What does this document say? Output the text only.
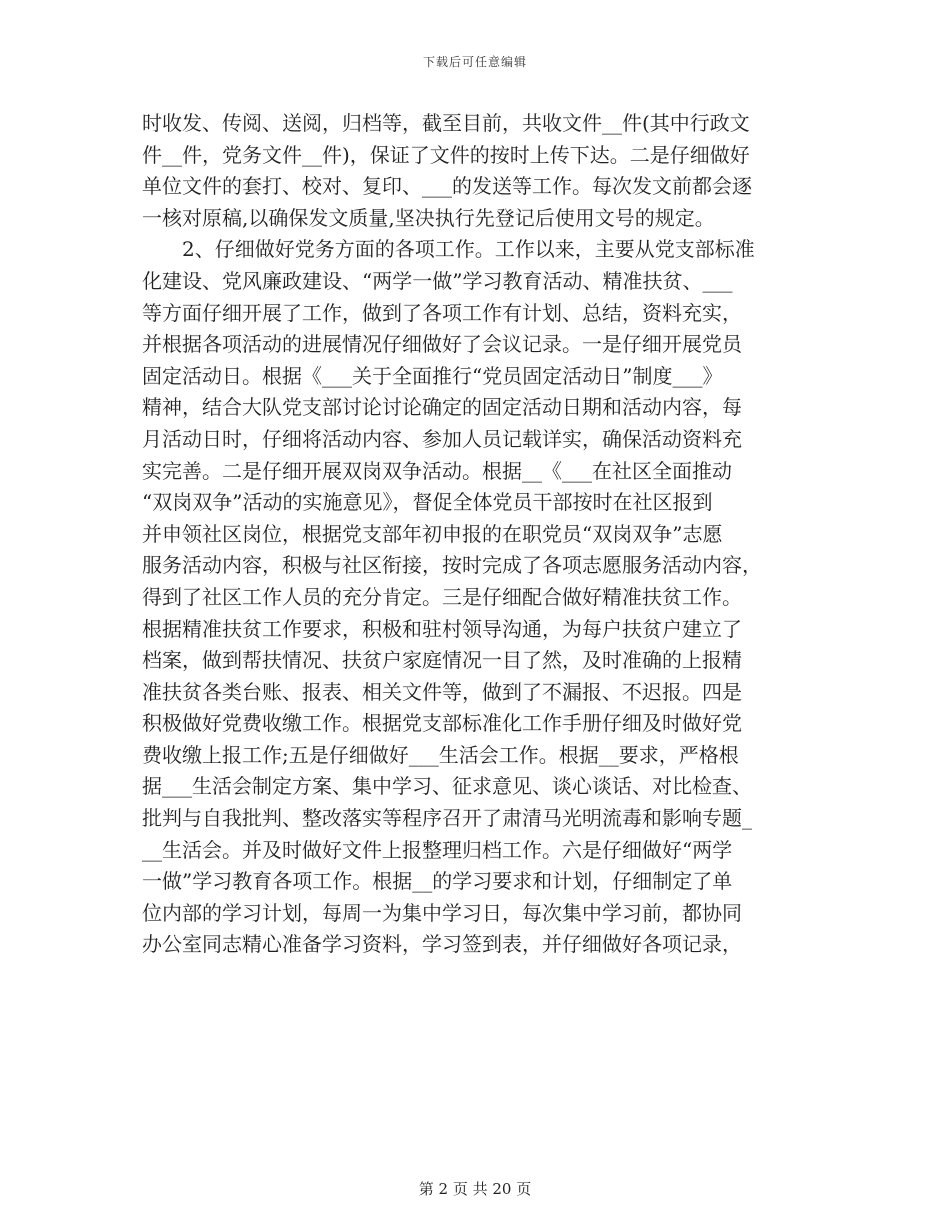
下载后可任意编辑
时收发、传阅、送阅，归档等，截至目前，共收文件__件(其中行政文
件__件，党务文件__件)，保证了文件的按时上传下达。二是仔细做好
单位文件的套打、校对、复印、___的发送等工作。每次发文前都会逐
一核对原稿,以确保发文质量,坚决执行先登记后使用文号的规定。
　　2、仔细做好党务方面的各项工作。工作以来，主要从党支部标准
化建设、党风廉政建设、“两学一做”学习教育活动、精准扶贫、___
等方面仔细开展了工作，做到了各项工作有计划、总结，资料充实，
并根据各项活动的进展情况仔细做好了会议记录。一是仔细开展党员
固定活动日。根据《___关于全面推行“党员固定活动日”制度___》
精神，结合大队党支部讨论讨论确定的固定活动日期和活动内容，每
月活动日时，仔细将活动内容、参加人员记载详实，确保活动资料充
实完善。二是仔细开展双岗双争活动。根据__《___在社区全面推动
“双岗双争”活动的实施意见》，督促全体党员干部按时在社区报到
并申领社区岗位，根据党支部年初申报的在职党员“双岗双争”志愿
服务活动内容，积极与社区衔接，按时完成了各项志愿服务活动内容，
得到了社区工作人员的充分肯定。三是仔细配合做好精准扶贫工作。
根据精准扶贫工作要求，积极和驻村领导沟通，为每户扶贫户建立了
档案，做到帮扶情况、扶贫户家庭情况一目了然，及时准确的上报精
准扶贫各类台账、报表、相关文件等，做到了不漏报、不迟报。四是
积极做好党费收缴工作。根据党支部标准化工作手册仔细及时做好党
费收缴上报工作;五是仔细做好___生活会工作。根据__要求，严格根
据___生活会制定方案、集中学习、征求意见、谈心谈话、对比检查、
批判与自我批判、整改落实等程序召开了肃清马光明流毒和影响专题_
__生活会。并及时做好文件上报整理归档工作。六是仔细做好“两学
一做”学习教育各项工作。根据__的学习要求和计划，仔细制定了单
位内部的学习计划，每周一为集中学习日，每次集中学习前，都协同
办公室同志精心准备学习资料，学习签到表，并仔细做好各项记录，
第 2 页 共 20 页
